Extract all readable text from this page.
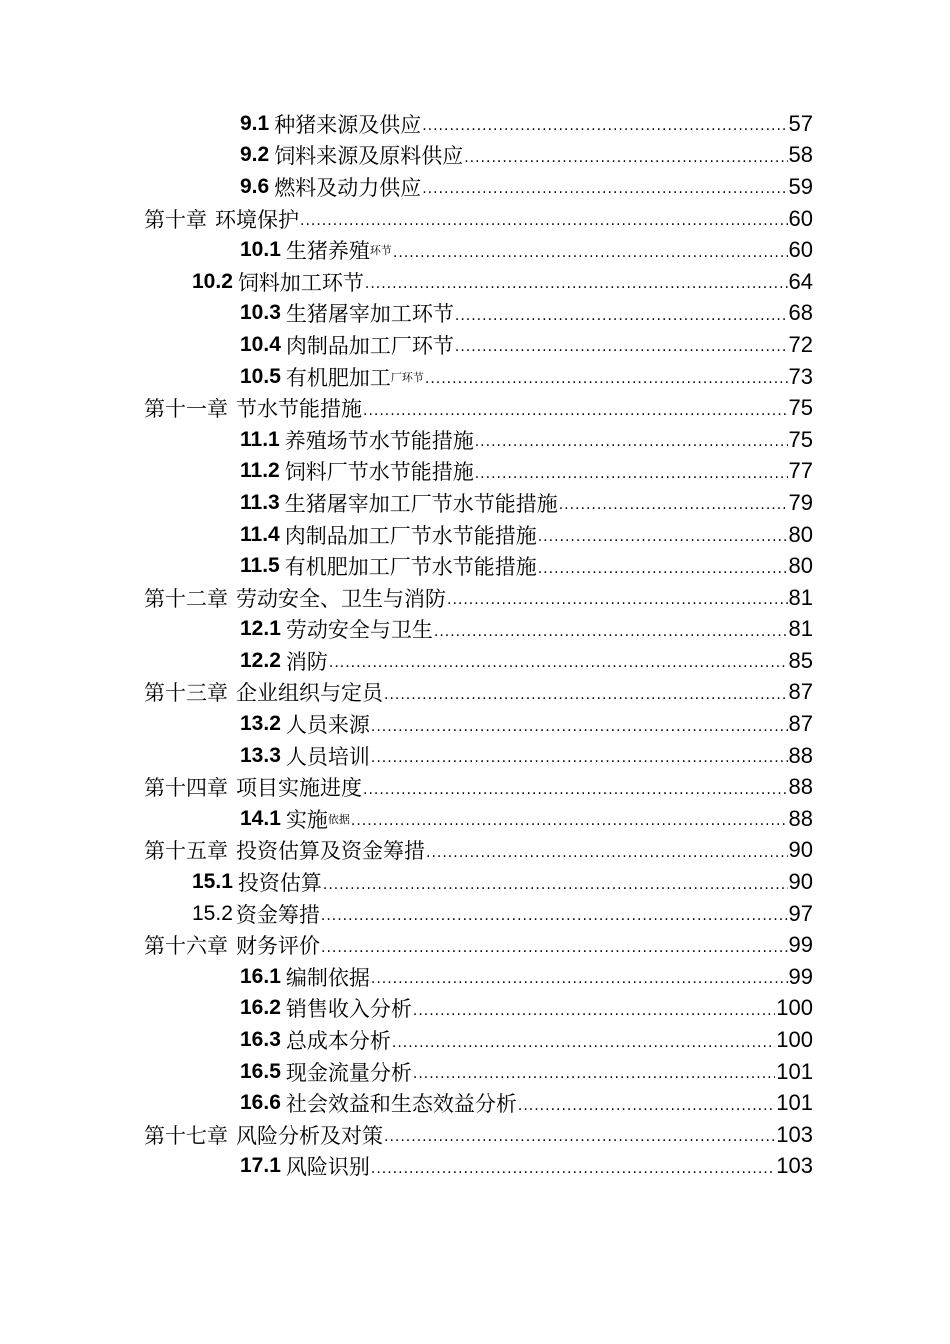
9.1 种猪来源及供应 .....	57
9.2 饲料来源及原料供应 .....	58
9.6 燃料及动力供应 .....	59
第十章 环境保护 .....	60
10.1 生猪养殖 环节 .....	60
10.2 饲料加工环节 .....	64
10.3 生猪屠宰加工环节 .....	68
10.4 肉制品加工厂环节 .....	72
10.5 有机肥加工 厂环节 .....	73
第十一章 节水节能措施 .....	75
11.1 养殖场节水节能措施 .....	75
11.2 饲料厂节水节能措施 .....	77
11.3 生猪屠宰加工厂节水节能措施 .....	79
11.4 肉制品加工厂节水节能措施 .....	80
11.5 有机肥加工厂节水节能措施 .....	80
第十二章 劳动安全、卫生与消防 .....	81
12.1 劳动安全与卫生 .....	81
12.2 消防 .....	85
第十三章 企业组织与定员 .....	87
13.2 人员来源 .....	87
13.3 人员培训 .....	88
第十四章 项目实施进度 .....	88
14.1 实施 依据 .....	88
第十五章 投资估算及资金筹措 .....	90
15.1 投资估算 .....	90
15.2 资金筹措 .....	97
第十六章 财务评价 .....	99
16.1 编制依据 .....	99
16.2 销售收入分析 .....	100
16.3 总成本分析 .....	100
16.5 现金流量分析 .....	101
16.6 社会效益和生态效益分析 .....	101
第十七章 风险分析及对策 .....	103
17.1 风险识别 .....	103
